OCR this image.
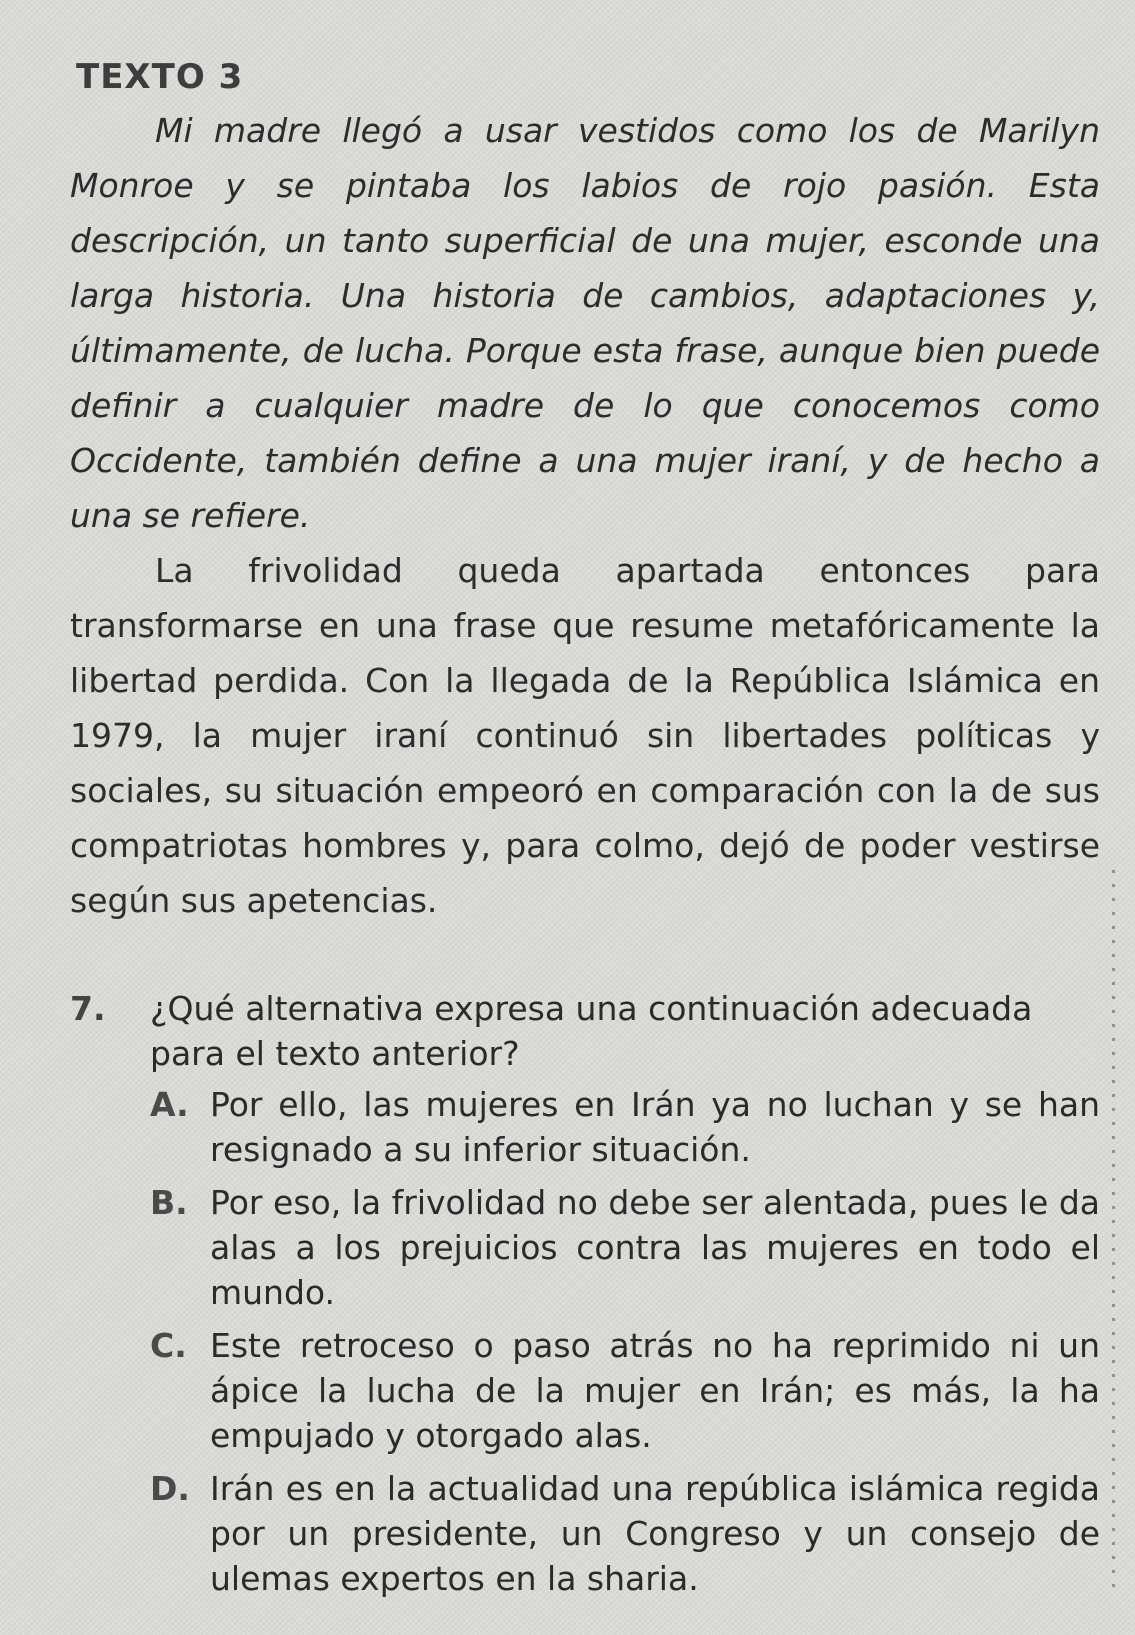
TEXTO 3

Mi madre llegó a usar vestidos como los de Marilyn Monroe y se pintaba los labios de rojo pasión. Esta descripción, un tanto superficial de una mujer, esconde una larga historia. Una historia de cambios, adaptaciones y, últimamente, de lucha. Porque esta frase, aunque bien puede definir a cualquier madre de lo que conocemos como Occidente, también define a una mujer iraní, y de hecho a una se refiere.

La frivolidad queda apartada entonces para transformarse en una frase que resume metafóricamente la libertad perdida. Con la llegada de la República Islámica en 1979, la mujer iraní continuó sin libertades políticas y sociales, su situación empeoró en comparación con la de sus compatriotas hombres y, para colmo, dejó de poder vestirse según sus apetencias.

7. ¿Qué alternativa expresa una continuación adecuada para el texto anterior?

A. Por ello, las mujeres en Irán ya no luchan y se han resignado a su inferior situación.
B. Por eso, la frivolidad no debe ser alentada, pues le da alas a los prejuicios contra las mujeres en todo el mundo.
C. Este retroceso o paso atrás no ha reprimido ni un ápice la lucha de la mujer en Irán; es más, la ha empujado y otorgado alas.
D. Irán es en la actualidad una república islámica regida por un presidente, un Congreso y un consejo de ulemas expertos en la sharia.
